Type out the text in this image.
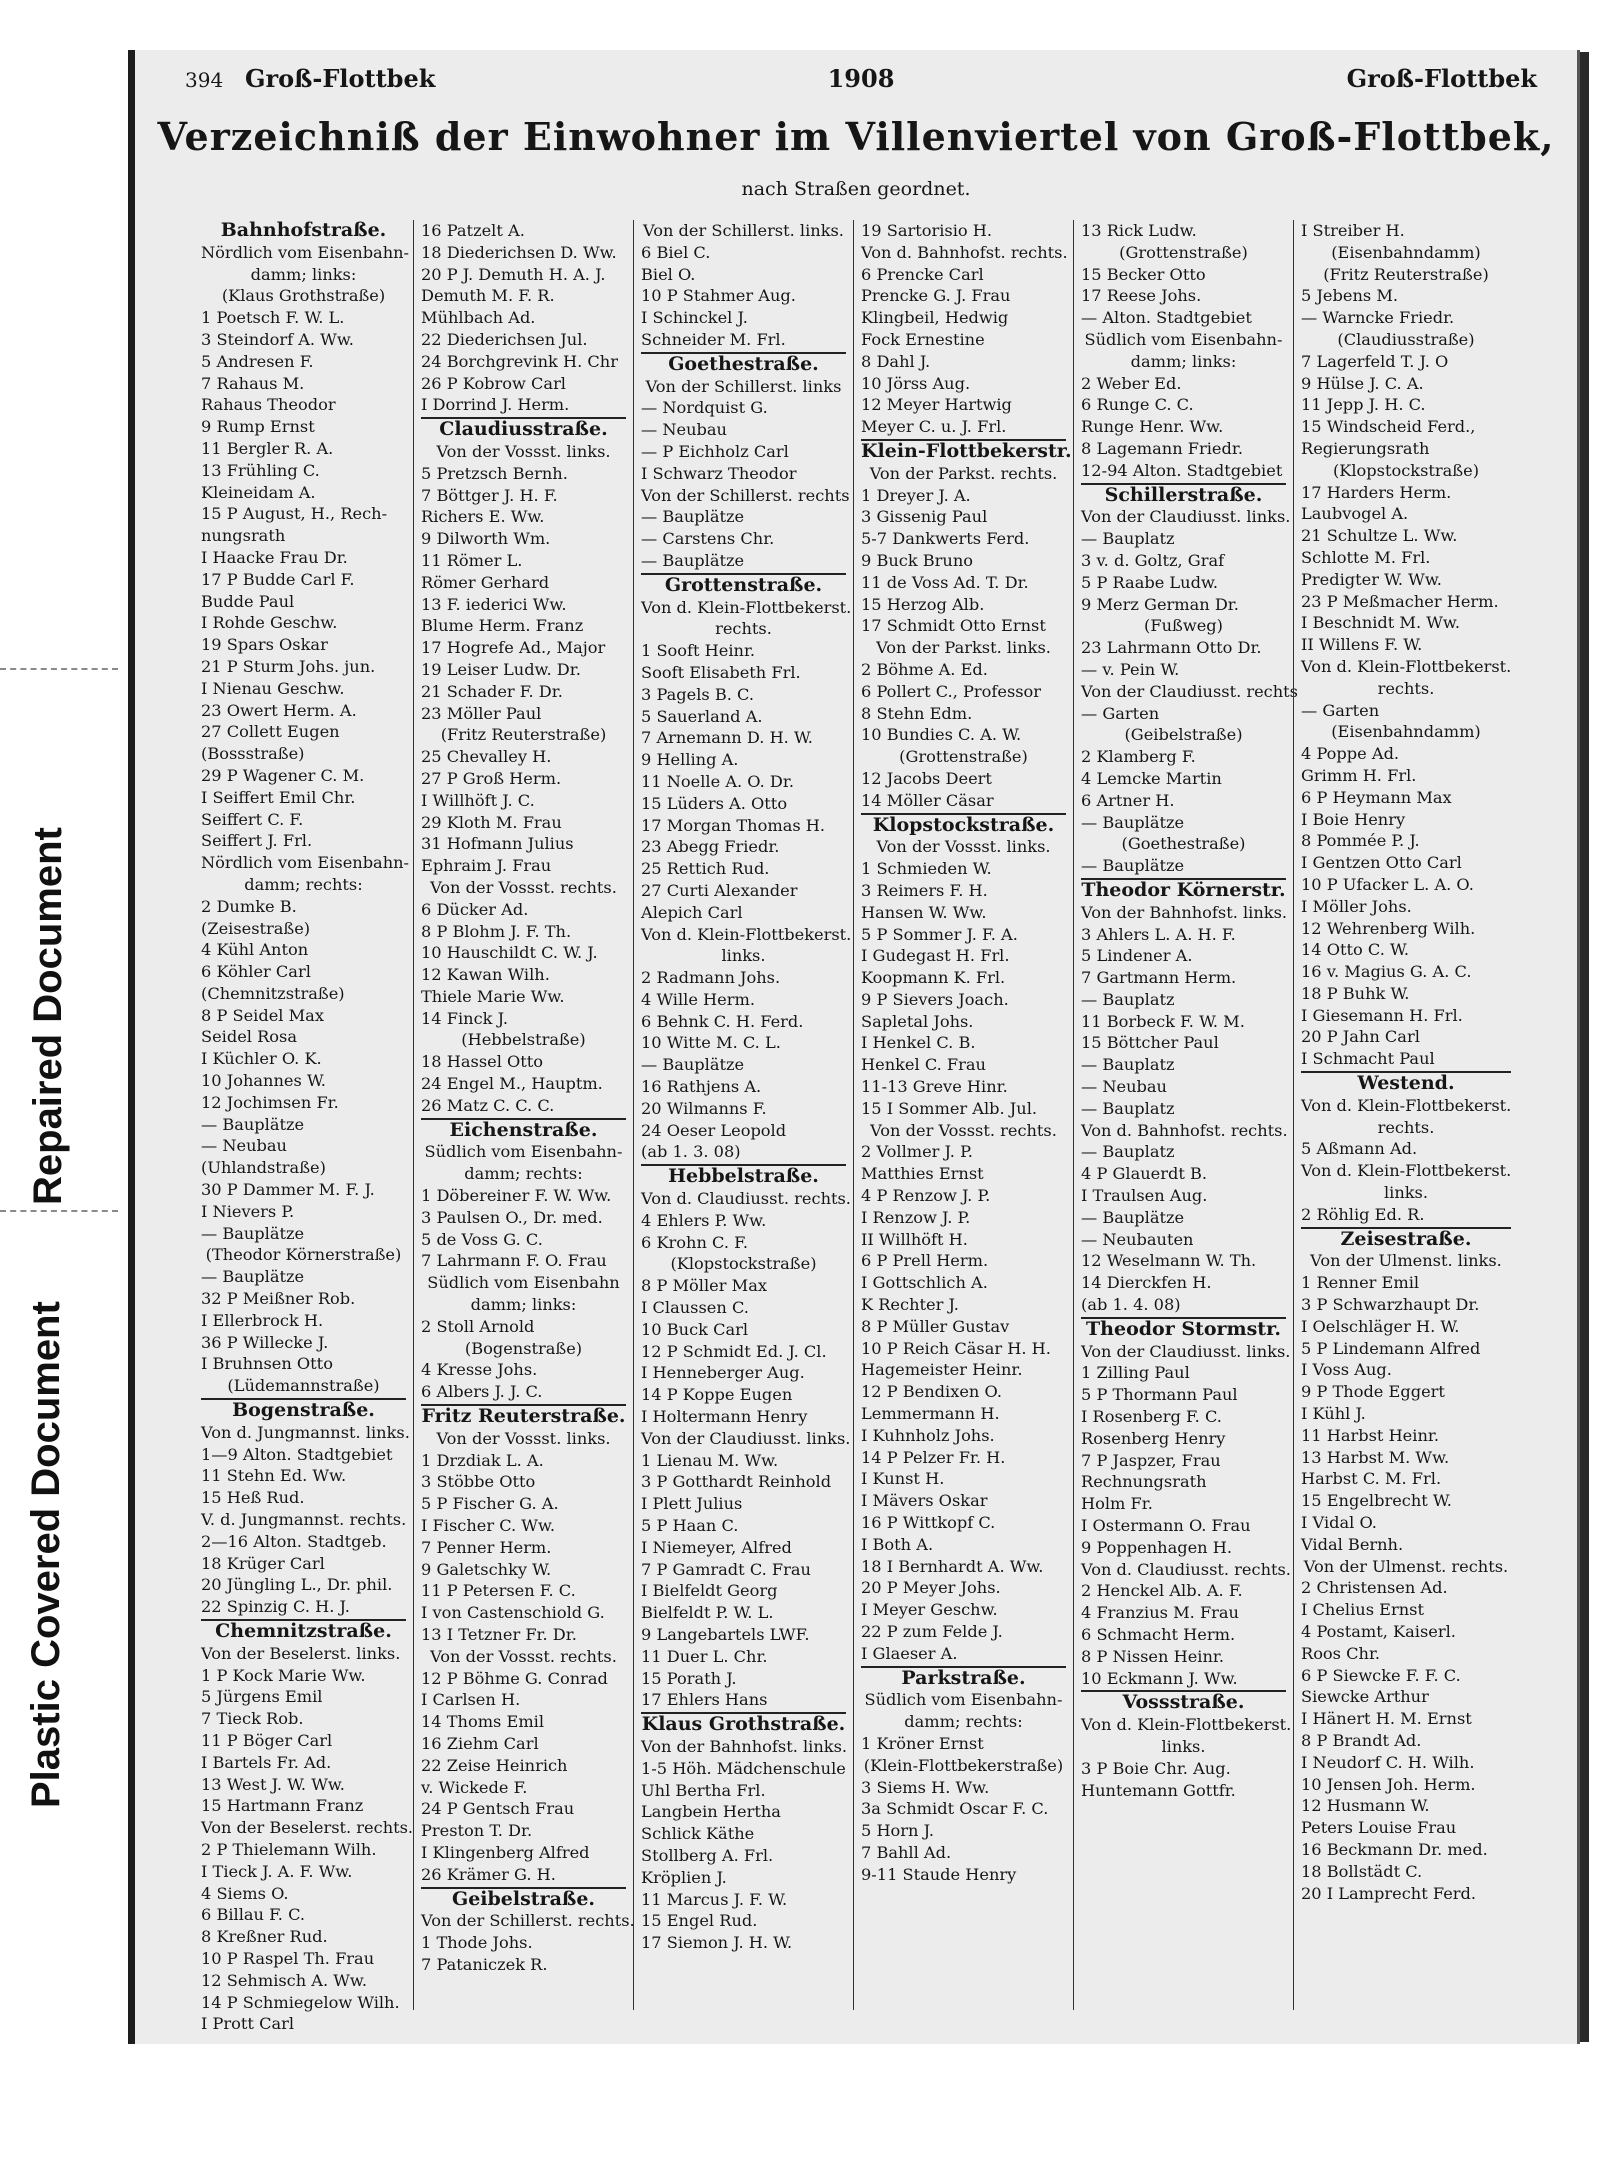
Repaired Document
Plastic Covered Document
394 Groß-Flottbek	1908	Groß-Flottbek
Verzeichniß der Einwohner im Villenviertel von Groß-Flottbek,
nach Straßen geordnet.
Bahnhofstraße.
Nördlich vom Eisenbahn-
damm; links:
(Klaus Grothstraße)
1 Poetsch F. W. L.
3 Steindorf A. Ww.
5 Andresen F.
7 Rahaus M.
Rahaus Theodor
9 Rump Ernst
11 Bergler R. A.
13 Frühling C.
Kleineidam A.
15 P August, H., Rech-
nungsrath
I Haacke Frau Dr.
17 P Budde Carl F.
Budde Paul
I Rohde Geschw.
19 Spars Oskar
21 P Sturm Johs. jun.
I Nienau Geschw.
23 Owert Herm. A.
27 Collett Eugen
(Bossstraße)
29 P Wagener C. M.
I Seiffert Emil Chr.
Seiffert C. F.
Seiffert J. Frl.
Nördlich vom Eisenbahn-
damm; rechts:
2 Dumke B.
(Zeisestraße)
4 Kühl Anton
6 Köhler Carl
(Chemnitzstraße)
8 P Seidel Max
Seidel Rosa
I Küchler O. K.
10 Johannes W.
12 Jochimsen Fr.
— Bauplätze
— Neubau
(Uhlandstraße)
30 P Dammer M. F. J.
I Nievers P.
— Bauplätze
(Theodor Körnerstraße)
— Bauplätze
32 P Meißner Rob.
I Ellerbrock H.
36 P Willecke J.
I Bruhnsen Otto
(Lüdemannstraße)
Bogenstraße.
Von d. Jungmannst. links.
1—9 Alton. Stadtgebiet
11 Stehn Ed. Ww.
15 Heß Rud.
V. d. Jungmannst. rechts.
2—16 Alton. Stadtgeb.
18 Krüger Carl
20 Jüngling L., Dr. phil.
22 Spinzig C. H. J.
Chemnitzstraße.
Von der Beselerst. links.
1 P Kock Marie Ww.
5 Jürgens Emil
7 Tieck Rob.
11 P Böger Carl
I Bartels Fr. Ad.
13 West J. W. Ww.
15 Hartmann Franz
Von der Beselerst. rechts.
2 P Thielemann Wilh.
I Tieck J. A. F. Ww.
4 Siems O.
6 Billau F. C.
8 Kreßner Rud.
10 P Raspel Th. Frau
12 Sehmisch A. Ww.
14 P Schmiegelow Wilh.
I Prott Carl
16 Patzelt A.
18 Diederichsen D. Ww.
20 P J. Demuth H. A. J.
Demuth M. F. R.
Mühlbach Ad.
22 Diederichsen Jul.
24 Borchgrevink H. Chr
26 P Kobrow Carl
I Dorrind J. Herm.
Claudiusstraße.
Von der Vossst. links.
5 Pretzsch Bernh.
7 Böttger J. H. F.
Richers E. Ww.
9 Dilworth Wm.
11 Römer L.
Römer Gerhard
13 F. iederici Ww.
Blume Herm. Franz
17 Hogrefe Ad., Major
19 Leiser Ludw. Dr.
21 Schader F. Dr.
23 Möller Paul
(Fritz Reuterstraße)
25 Chevalley H.
27 P Groß Herm.
I Willhöft J. C.
29 Kloth M. Frau
31 Hofmann Julius
Ephraim J. Frau
Von der Vossst. rechts.
6 Dücker Ad.
8 P Blohm J. F. Th.
10 Hauschildt C. W. J.
12 Kawan Wilh.
Thiele Marie Ww.
14 Finck J.
(Hebbelstraße)
18 Hassel Otto
24 Engel M., Hauptm.
26 Matz C. C. C.
Eichenstraße.
Südlich vom Eisenbahn-
damm; rechts:
1 Döbereiner F. W. Ww.
3 Paulsen O., Dr. med.
5 de Voss G. C.
7 Lahrmann F. O. Frau
Südlich vom Eisenbahn
damm; links:
2 Stoll Arnold
(Bogenstraße)
4 Kresse Johs.
6 Albers J. J. C.
Fritz Reuterstraße.
Von der Vossst. links.
1 Drzdiak L. A.
3 Stöbbe Otto
5 P Fischer G. A.
I Fischer C. Ww.
7 Penner Herm.
9 Galetschky W.
11 P Petersen F. C.
I von Castenschiold G.
13 I Tetzner Fr. Dr.
Von der Vossst. rechts.
12 P Böhme G. Conrad
I Carlsen H.
14 Thoms Emil
16 Ziehm Carl
22 Zeise Heinrich
v. Wickede F.
24 P Gentsch Frau
Preston T. Dr.
I Klingenberg Alfred
26 Krämer G. H.
Geibelstraße.
Von der Schillerst. rechts.
1 Thode Johs.
7 Pataniczek R.
Von der Schillerst. links.
6 Biel C.
Biel O.
10 P Stahmer Aug.
I Schinckel J.
Schneider M. Frl.
Goethestraße.
Von der Schillerst. links
— Nordquist G.
— Neubau
— P Eichholz Carl
I Schwarz Theodor
Von der Schillerst. rechts
— Bauplätze
— Carstens Chr.
— Bauplätze
Grottenstraße.
Von d. Klein-Flottbekerst.
rechts.
1 Sooft Heinr.
Sooft Elisabeth Frl.
3 Pagels B. C.
5 Sauerland A.
7 Arnemann D. H. W.
9 Helling A.
11 Noelle A. O. Dr.
15 Lüders A. Otto
17 Morgan Thomas H.
23 Abegg Friedr.
25 Rettich Rud.
27 Curti Alexander
Alepich Carl
Von d. Klein-Flottbekerst.
links.
2 Radmann Johs.
4 Wille Herm.
6 Behnk C. H. Ferd.
10 Witte M. C. L.
— Bauplätze
16 Rathjens A.
20 Wilmanns F.
24 Oeser Leopold
(ab 1. 3. 08)
Hebbelstraße.
Von d. Claudiusst. rechts.
4 Ehlers P. Ww.
6 Krohn C. F.
(Klopstockstraße)
8 P Möller Max
I Claussen C.
10 Buck Carl
12 P Schmidt Ed. J. Cl.
I Henneberger Aug.
14 P Koppe Eugen
I Holtermann Henry
Von der Claudiusst. links.
1 Lienau M. Ww.
3 P Gotthardt Reinhold
I Plett Julius
5 P Haan C.
I Niemeyer, Alfred
7 P Gamradt C. Frau
I Bielfeldt Georg
Bielfeldt P. W. L.
9 Langebartels LWF.
11 Duer L. Chr.
15 Porath J.
17 Ehlers Hans
Klaus Grothstraße.
Von der Bahnhofst. links.
1-5 Höh. Mädchenschule
Uhl Bertha Frl.
Langbein Hertha
Schlick Käthe
Stollberg A. Frl.
Kröplien J.
11 Marcus J. F. W.
15 Engel Rud.
17 Siemon J. H. W.
19 Sartorisio H.
Von d. Bahnhofst. rechts.
6 Prencke Carl
Prencke G. J. Frau
Klingbeil, Hedwig
Fock Ernestine
8 Dahl J.
10 Jörss Aug.
12 Meyer Hartwig
Meyer C. u. J. Frl.
Klein-Flottbekerstr.
Von der Parkst. rechts.
1 Dreyer J. A.
3 Gissenig Paul
5-7 Dankwerts Ferd.
9 Buck Bruno
11 de Voss Ad. T. Dr.
15 Herzog Alb.
17 Schmidt Otto Ernst
Von der Parkst. links.
2 Böhme A. Ed.
6 Pollert C., Professor
8 Stehn Edm.
10 Bundies C. A. W.
(Grottenstraße)
12 Jacobs Deert
14 Möller Cäsar
Klopstockstraße.
Von der Vossst. links.
1 Schmieden W.
3 Reimers F. H.
Hansen W. Ww.
5 P Sommer J. F. A.
I Gudegast H. Frl.
Koopmann K. Frl.
9 P Sievers Joach.
Sapletal Johs.
I Henkel C. B.
Henkel C. Frau
11-13 Greve Hinr.
15 I Sommer Alb. Jul.
Von der Vossst. rechts.
2 Vollmer J. P.
Matthies Ernst
4 P Renzow J. P.
I Renzow J. P.
II Willhöft H.
6 P Prell Herm.
I Gottschlich A.
K Rechter J.
8 P Müller Gustav
10 P Reich Cäsar H. H.
Hagemeister Heinr.
12 P Bendixen O.
Lemmermann H.
I Kuhnholz Johs.
14 P Pelzer Fr. H.
I Kunst H.
I Mävers Oskar
16 P Wittkopf C.
I Both A.
18 I Bernhardt A. Ww.
20 P Meyer Johs.
I Meyer Geschw.
22 P zum Felde J.
I Glaeser A.
Parkstraße.
Südlich vom Eisenbahn-
damm; rechts:
1 Kröner Ernst
(Klein-Flottbekerstraße)
3 Siems H. Ww.
3a Schmidt Oscar F. C.
5 Horn J.
7 Bahll Ad.
9-11 Staude Henry
13 Rick Ludw.
(Grottenstraße)
15 Becker Otto
17 Reese Johs.
— Alton. Stadtgebiet
Südlich vom Eisenbahn-
damm; links:
2 Weber Ed.
6 Runge C. C.
Runge Henr. Ww.
8 Lagemann Friedr.
12-94 Alton. Stadtgebiet
Schillerstraße.
Von der Claudiusst. links.
— Bauplatz
3 v. d. Goltz, Graf
5 P Raabe Ludw.
9 Merz German Dr.
(Fußweg)
23 Lahrmann Otto Dr.
— v. Pein W.
Von der Claudiusst. rechts
— Garten
(Geibelstraße)
2 Klamberg F.
4 Lemcke Martin
6 Artner H.
— Bauplätze
(Goethestraße)
— Bauplätze
Theodor Körnerstr.
Von der Bahnhofst. links.
3 Ahlers L. A. H. F.
5 Lindener A.
7 Gartmann Herm.
— Bauplatz
11 Borbeck F. W. M.
15 Böttcher Paul
— Bauplatz
— Neubau
— Bauplatz
Von d. Bahnhofst. rechts.
— Bauplatz
4 P Glauerdt B.
I Traulsen Aug.
— Bauplätze
— Neubauten
12 Weselmann W. Th.
14 Dierckfen H.
(ab 1. 4. 08)
Theodor Stormstr.
Von der Claudiusst. links.
1 Zilling Paul
5 P Thormann Paul
I Rosenberg F. C.
Rosenberg Henry
7 P Jaspzer, Frau
Rechnungsrath
Holm Fr.
I Ostermann O. Frau
9 Poppenhagen H.
Von d. Claudiusst. rechts.
2 Henckel Alb. A. F.
4 Franzius M. Frau
6 Schmacht Herm.
8 P Nissen Heinr.
10 Eckmann J. Ww.
Vossstraße.
Von d. Klein-Flottbekerst.
links.
3 P Boie Chr. Aug.
Huntemann Gottfr.
I Streiber H.
(Eisenbahndamm)
(Fritz Reuterstraße)
5 Jebens M.
— Warncke Friedr.
(Claudiusstraße)
7 Lagerfeld T. J. O
9 Hülse J. C. A.
11 Jepp J. H. C.
15 Windscheid Ferd.,
Regierungsrath
(Klopstockstraße)
17 Harders Herm.
Laubvogel A.
21 Schultze L. Ww.
Schlotte M. Frl.
Predigter W. Ww.
23 P Meßmacher Herm.
I Beschnidt M. Ww.
II Willens F. W.
Von d. Klein-Flottbekerst.
rechts.
— Garten
(Eisenbahndamm)
4 Poppe Ad.
Grimm H. Frl.
6 P Heymann Max
I Boie Henry
8 Pommée P. J.
I Gentzen Otto Carl
10 P Ufacker L. A. O.
I Möller Johs.
12 Wehrenberg Wilh.
14 Otto C. W.
16 v. Magius G. A. C.
18 P Buhk W.
I Giesemann H. Frl.
20 P Jahn Carl
I Schmacht Paul
Westend.
Von d. Klein-Flottbekerst.
rechts.
5 Aßmann Ad.
Von d. Klein-Flottbekerst.
links.
2 Röhlig Ed. R.
Zeisestraße.
Von der Ulmenst. links.
1 Renner Emil
3 P Schwarzhaupt Dr.
I Oelschläger H. W.
5 P Lindemann Alfred
I Voss Aug.
9 P Thode Eggert
I Kühl J.
11 Harbst Heinr.
13 Harbst M. Ww.
Harbst C. M. Frl.
15 Engelbrecht W.
I Vidal O.
Vidal Bernh.
Von der Ulmenst. rechts.
2 Christensen Ad.
I Chelius Ernst
4 Postamt, Kaiserl.
Roos Chr.
6 P Siewcke F. F. C.
Siewcke Arthur
I Hänert H. M. Ernst
8 P Brandt Ad.
I Neudorf C. H. Wilh.
10 Jensen Joh. Herm.
12 Husmann W.
Peters Louise Frau
16 Beckmann Dr. med.
18 Bollstädt C.
20 I Lamprecht Ferd.
